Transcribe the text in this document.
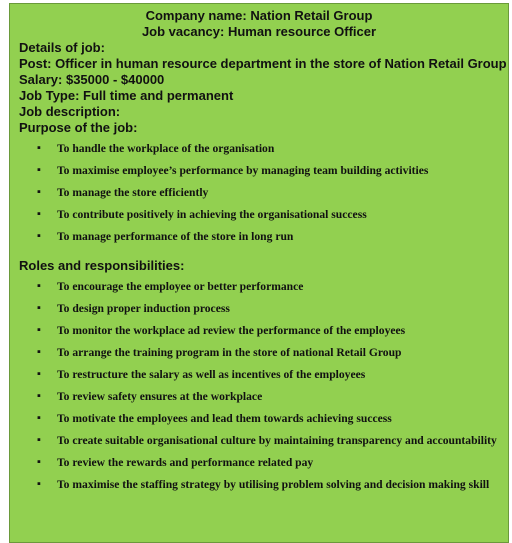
Company name: Nation Retail Group
Job vacancy: Human resource Officer
Details of job:
Post: Officer in human resource department in the store of Nation Retail Group
Salary: $35000 - $40000
Job Type: Full time and permanent
Job description:
Purpose of the job:
▪ To handle the workplace of the organisation
▪ To maximise employee’s performance by managing team building activities
▪ To manage the store efficiently
▪ To contribute positively in achieving the organisational success
▪ To manage performance of the store in long run
Roles and responsibilities:
▪ To encourage the employee or better performance
▪ To design proper induction process
▪ To monitor the workplace ad review the performance of the employees
▪ To arrange the training program in the store of national Retail Group
▪ To restructure the salary as well as incentives of the employees
▪ To review safety ensures at the workplace
▪ To motivate the employees and lead them towards achieving success
▪ To create suitable organisational culture by maintaining transparency and accountability
▪ To review the rewards and performance related pay
▪ To maximise the staffing strategy by utilising problem solving and decision making skill
